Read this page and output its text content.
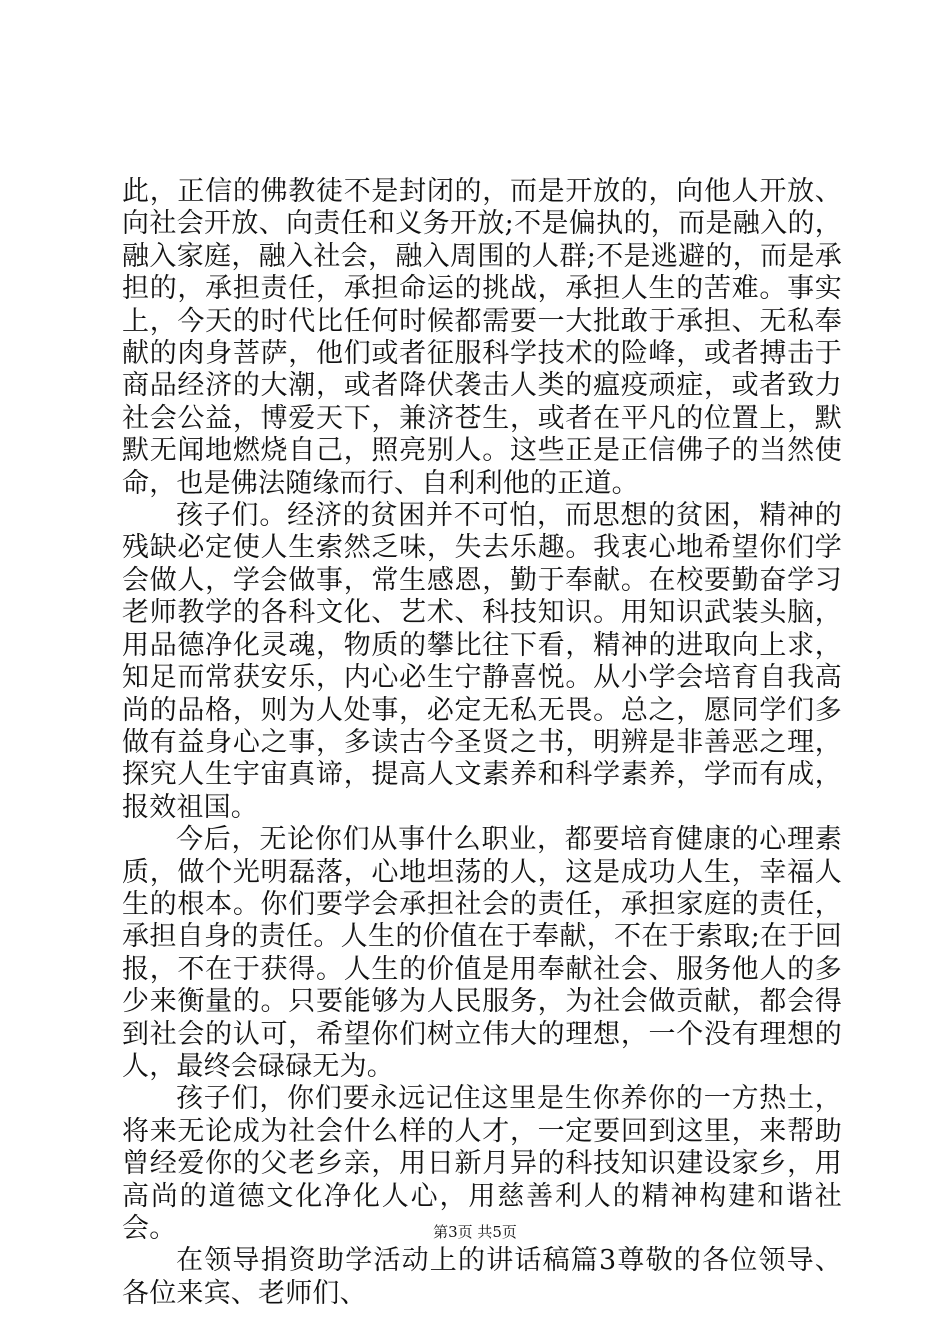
此，正信的佛教徒不是封闭的，而是开放的，向他人开放、向社会开放、向责任和义务开放;不是偏执的，而是融入的，融入家庭，融入社会，融入周围的人群;不是逃避的，而是承担的，承担责任，承担命运的挑战，承担人生的苦难。事实上，今天的时代比任何时候都需要一大批敢于承担、无私奉献的肉身菩萨，他们或者征服科学技术的险峰，或者搏击于商品经济的大潮，或者降伏袭击人类的瘟疫顽症，或者致力社会公益，博爱天下，兼济苍生，或者在平凡的位置上，默默无闻地燃烧自己，照亮别人。这些正是正信佛子的当然使命，也是佛法随缘而行、自利利他的正道。

孩子们。经济的贫困并不可怕，而思想的贫困，精神的残缺必定使人生索然乏味，失去乐趣。我衷心地希望你们学会做人，学会做事，常生感恩，勤于奉献。在校要勤奋学习老师教学的各科文化、艺术、科技知识。用知识武装头脑，用品德净化灵魂，物质的攀比往下看，精神的进取向上求，知足而常获安乐，内心必生宁静喜悦。从小学会培育自我高尚的品格，则为人处事，必定无私无畏。总之，愿同学们多做有益身心之事，多读古今圣贤之书，明辨是非善恶之理，探究人生宇宙真谛，提高人文素养和科学素养，学而有成，报效祖国。

今后，无论你们从事什么职业，都要培育健康的心理素质，做个光明磊落，心地坦荡的人，这是成功人生，幸福人生的根本。你们要学会承担社会的责任，承担家庭的责任，承担自身的责任。人生的价值在于奉献，不在于索取;在于回报，不在于获得。人生的价值是用奉献社会、服务他人的多少来衡量的。只要能够为人民服务，为社会做贡献，都会得到社会的认可，希望你们树立伟大的理想，一个没有理想的人，最终会碌碌无为。

孩子们，你们要永远记住这里是生你养你的一方热土，将来无论成为社会什么样的人才，一定要回到这里，来帮助曾经爱你的父老乡亲，用日新月异的科技知识建设家乡，用高尚的道德文化净化人心，用慈善利人的精神构建和谐社会。

在领导捐资助学活动上的讲话稿篇3尊敬的各位领导、各位来宾、老师们、

第3页 共5页
